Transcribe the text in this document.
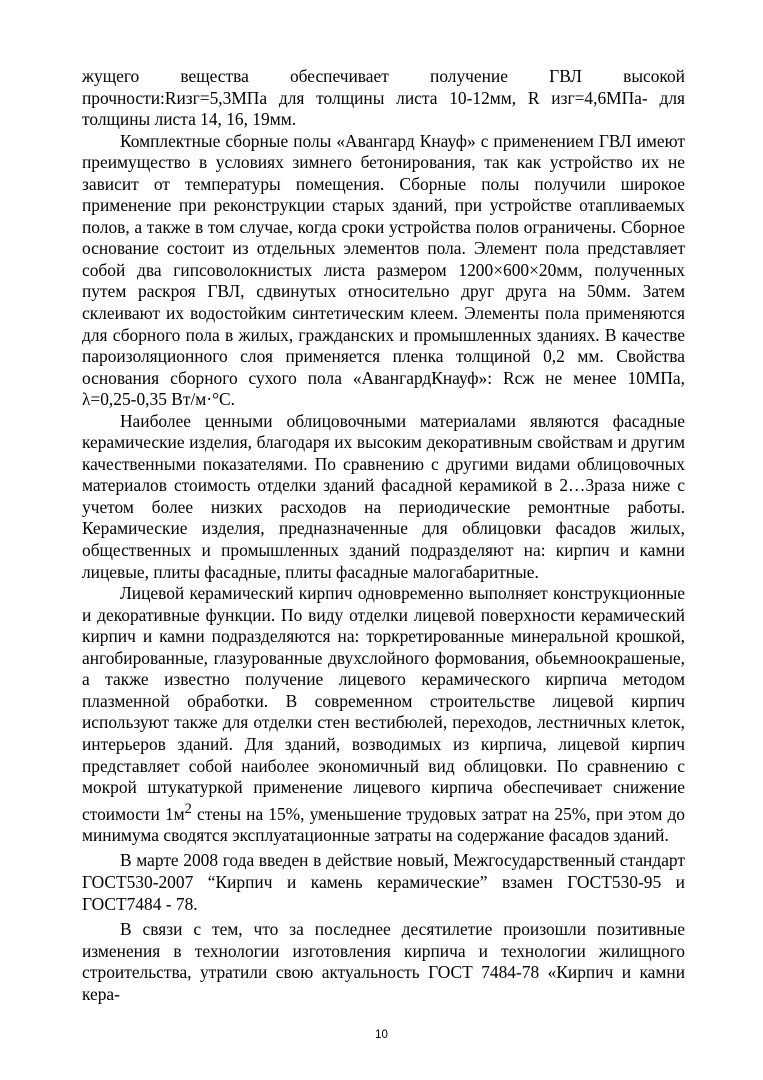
жущего вещества обеспечивает получение ГВЛ высокой прочности:Rизг=5,3МПа для толщины листа 10-12мм, R изг=4,6МПа- для толщины листа 14, 16, 19мм.

Комплектные сборные полы «Авангард Кнауф» с применением ГВЛ имеют преимущество в условиях зимнего бетонирования, так как устройство их не зависит от температуры помещения. Сборные полы получили широкое применение при реконструкции старых зданий, при устройстве отапливаемых полов, а также в том случае, когда сроки устройства полов ограничены. Сборное основание состоит из отдельных элементов пола. Элемент пола представляет собой два гипсоволокнистых листа размером 1200×600×20мм, полученных путем раскроя ГВЛ, сдвинутых относительно друг друга на 50мм. Затем склеивают их водостойким синтетическим клеем. Элементы пола применяются для сборного пола в жилых, гражданских и промышленных зданиях. В качестве пароизоляционного слоя применяется пленка толщиной 0,2 мм. Свойства основания сборного сухого пола «АвангардКнауф»: Rсж не менее 10МПа, λ=0,25-0,35 Вт/м·°С.

Наиболее ценными облицовочными материалами являются фасадные керамические изделия, благодаря их высоким декоративным свойствам и другим качественными показателями. По сравнению с другими видами облицовочных материалов стоимость отделки зданий фасадной керамикой в 2…3раза ниже с учетом более низких расходов на периодические ремонтные работы. Керамические изделия, предназначенные для облицовки фасадов жилых, общественных и промышленных зданий подразделяют на: кирпич и камни лицевые, плиты фасадные, плиты фасадные малогабаритные.

Лицевой керамический кирпич одновременно выполняет конструкционные и декоративные функции. По виду отделки лицевой поверхности керамический кирпич и камни подразделяются на: торкретированные минеральной крошкой, ангобированные, глазурованные двухслойного формования, обьемноокрашеные, а также известно получение лицевого керамического кирпича методом плазменной обработки. В современном строительстве лицевой кирпич используют также для отделки стен вестибюлей, переходов, лестничных клеток, интерьеров зданий. Для зданий, возводимых из кирпича, лицевой кирпич представляет собой наиболее экономичный вид облицовки. По сравнению с мокрой штукатуркой применение лицевого кирпича обеспечивает снижение стоимости $1м^2$ стены на 15%, уменьшение трудовых затрат на 25%, при этом до минимума сводятся эксплуатационные затраты на содержание фасадов зданий.

В марте 2008 года введен в действие новый, Межгосударственный стандарт ГОСТ530-2007 “Кирпич и камень керамические” взамен ГОСТ530-95 и ГОСТ7484 - 78.

В связи с тем, что за последнее десятилетие произошли позитивные изменения в технологии изготовления кирпича и технологии жилищного строительства, утратили свою актуальность ГОСТ 7484-78 «Кирпич и камни кера-

10
